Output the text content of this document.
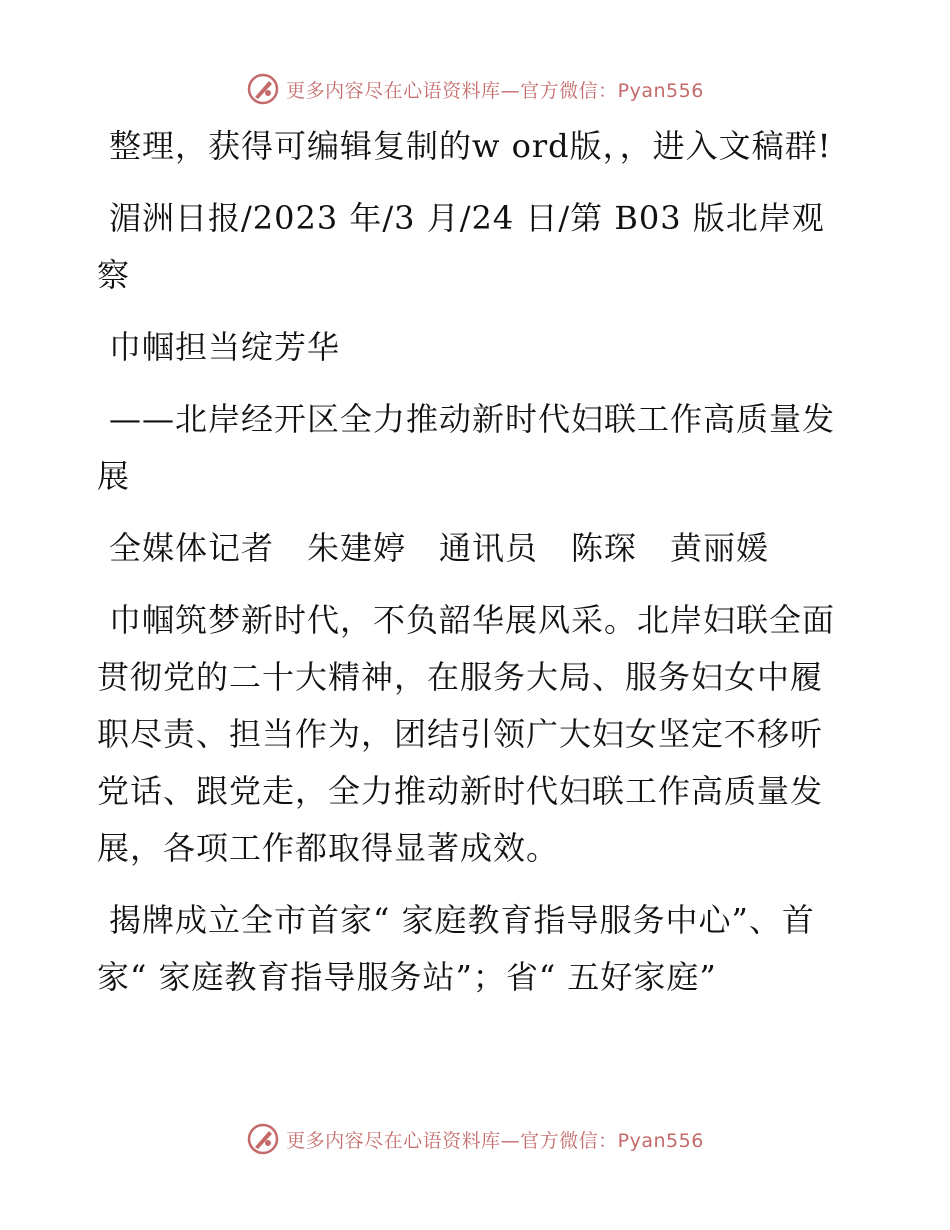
更多内容尽在心语资料库—官方微信：Pyan556

整理，获得可编辑复制的w ord版，，进入文稿群!

湄洲日报/2023 年/3 月/24 日/第 B03 版北岸观察

巾帼担当绽芳华

——北岸经开区全力推动新时代妇联工作高质量发展

全媒体记者　朱建婷　通讯员　陈琛　黄丽媛

巾帼筑梦新时代，不负韶华展风采。北岸妇联全面贯彻党的二十大精神，在服务大局、服务妇女中履职尽责、担当作为，团结引领广大妇女坚定不移听党话、跟党走，全力推动新时代妇联工作高质量发展，各项工作都取得显著成效。

揭牌成立全市首家“ 家庭教育指导服务中心”、首家“ 家庭教育指导服务站”；省“ 五好家庭”

更多内容尽在心语资料库—官方微信：Pyan556
